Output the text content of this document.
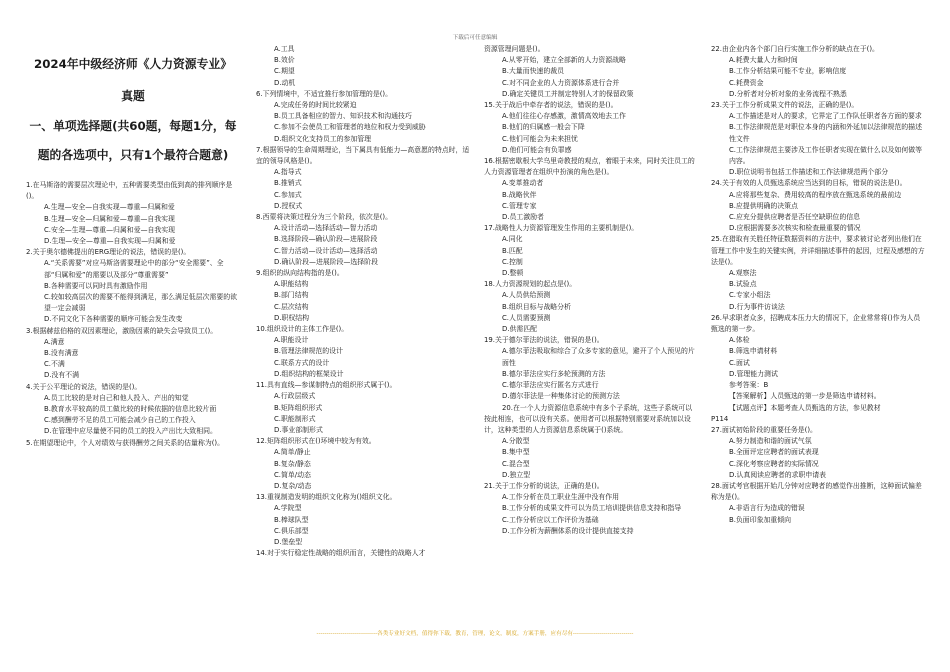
下载后可任意编辑
2024年中级经济师《人力资源专业》
真题
一、单项选择题(共60题，每题1分，每题的各选项中，只有1个最符合题意)
1.在马斯洛的需要层次理论中，五种需要类型由低到高的排列顺序是()。
A.生理—安全—自我实现—尊重—归属和爱
B.生理—安全—归属和爱—尊重—自我实现
C.安全—生理—尊重—归属和爱—自我实现
D.生理—安全—尊重—自我实现—归属和爱
2.关于奥尔德佛提出的ERG理论的说法，错误的是()。
A.“关系需要”对应马斯洛需要理论中的部分“安全需要”、全部“归属和爱”的需要以及部分“尊重需要”
B.各种需要可以同时具有激励作用
C.较如较高层次的需要不能得到满足，那么满足低层次需要的欲望一定会减弱
D.不同文化下各种需要的顺序可能会发生改变
3.根据赫兹伯格的双因素理论，激励因素的缺失会导致员工()。
A.满意
B.没有满意
C.不满
D.没有不满
4.关于公平理论的说法，错误的是()。
A.员工比较的是对自己和他人投入、产出的知觉
B.教育水平较高的员工做比较的时候依据的信息比较片面
C.感到酬劳不足的员工可能会减少自己的工作投入
D.在管理中应尽量使不同的员工的投入产出比大致相同。
5.在期望理论中，个人对绩效与获得酬劳之间关系的估量称为()。
A.工具
B.效价
C.期望
D.动机
6.下列情境中，不适宜推行参加管理的是()。
A.完成任务的时间比较紧迫
B.员工具备相应的智力、知识技术和沟通技巧
C.参加不会使员工和管理者的地位和权力受到威胁
D.组织文化支持员工的参加管理
7.根据领导的生命周期理论，当下属具有低能力—高意愿的特点时，适宜的领导风格是()。
A.指导式
B.推销式
C.参加式
D.授权式
8.西蒙将决策过程分为三个阶段，依次是()。
A.设计活动—选择活动—智力活动
B.选择阶段—确认阶段—进展阶段
C.智力活动—设计活动—选择活动
D.确认阶段—进展阶段—选择阶段
9.组织的纵向结构指的是()。
A.职能结构
B.部门结构
C.层次结构
D.职权结构
10.组织设计的主体工作是()。
A.职能设计
B.管理法律规范的设计
C.联系方式的设计
D.组织结构的框架设计
11.具有直线—参谋制特点的组织形式属于()。
A.行政层级式
B.矩阵组织形式
C.职能制形式
D.事业部制形式
12.矩阵组织形式在()环境中较为有效。
A.简单/静止
B.复杂/静态
C.简单/动态
D.复杂/动态
13.重视制造发明的组织文化称为()组织文化。
A.学院型
B.棒球队型
C.俱乐部型
D.堡垒型
14.对于实行稳定性战略的组织而言，关键性的战略人才
资源管理问题是()。
A.从零开始，建立全部新的人力资源战略
B.大量而快速的裁员
C.对不同企业的人力资源体系进行合并
D.确定关键员工并制定特别人才的保留政策
15.关于战后中牵存者的说法，错误的是()。
A.他们往往心存感激，激情高效地去工作
B.他们的归属感一般会下降
C.他们可能会为未来担忧
D.他们可能会有负罪感
16.根据密歇根大学乌里奇教授的观点，着眼于未来，同时关注员工的人力资源管理者在组织中扮演的角色是()。
A.变革推动者
B.战略伙伴
C.管理专家
D.员工激励者
17.战略性人力资源管理发生作用的主要机制是()。
A.同化
B.匹配
C.控制
D.整顿
18.人力资源规划的起点是()。
A.人员供给预测
B.组织目标与战略分析
C.人员需要预测
D.供需匹配
19.关于德尔菲法的说法，错误的是()。
A.德尔菲法吸取和综合了众多专家的意见，避开了个人预见的片面性
B.德尔菲法应实行多轮预测的方法
C.德尔菲法应实行匿名方式进行
D.德尔菲法是一种集体讨论的预测方法
20.在一个人力资源信息系统中有多个子系统，这些子系统可以按此相连，也可以没有关系。使用者可以根据特别需要对系统加以设计，这种类型的人力资源信息系统属于()系统。
A.分散型
B.集中型
C.混合型
D.独立型
21.关于工作分析的说法，正确的是()。
A.工作分析在员工职业生涯中没有作用
B.工作分析的成果文件可以为员工培训提供信息支持和指导
C.工作分析应以工作评价为基础
D.工作分析为薪酬体系的设计提供直接支持
22.由企业内各个部门自行实施工作分析的缺点在于()。
A.耗费大量人力和时间
B.工作分析结果可能不专业，影响信度
C.耗费资金
D.分析者对分析对象的业务流程不熟悉
23.关于工作分析成果文件的说法，正确的是()。
A.工作描述是对人的要求，它界定了工作队任职者各方面的要求
B.工作法律规范是对职位本身的内涵和外延加以法律规范的描述性文件
C.工作法律规范主要涉及工作任职者实现在做什么以及如何做等内容。
D.职位说明书包括工作描述和工作法律规范两个部分
24.关于有效的人员甄选系统应当达到的目标，错误的说法是()。
A.应将那些复杂、费用较高的程序放在甄选系统的最前边
B.应提供明确的决策点
C.应充分提供应聘者是否任空缺职位的信息
D.应根据需要多次核实和检查最重要的情况
25.在猎取有关胜任特征数据资料的方法中，要求被讨论者列出他们在管理工作中发生的关键实例，并详细描述事件的起因，过程及感想的方法是()。
A.观察法
B.试验点
C.专家小组法
D.行为事件访谈法
26.早求职者众多，招聘成本压力大的情况下，企业常常将()作为人员甄选的第一步。
A.体检
B.筛选申请材料
C.面试
D.管理能力测试
参考答案：B
【答案解析】人员甄选的第一步是筛选申请材料。
【试题点评】本题考查人员甄选的方法，参见教材
P114
27.面试初始阶段的重要任务是()。
A.努力制造和谐的面试气氛
B.全面评定应聘者的面试表现
C.深化考察应聘者的实际情况
D.认真阅读应聘者的求职申请表
28.面试考官根据开始几分钟对应聘者的感觉作出推断，这种面试偏差称为是()。
A.非语言行为造成的错误
B.负面印象加重倾向
------------------------------各类专业好文档，值得你下载，教育，管理，论文，制度，方案手册，应有尽有------------------------------
